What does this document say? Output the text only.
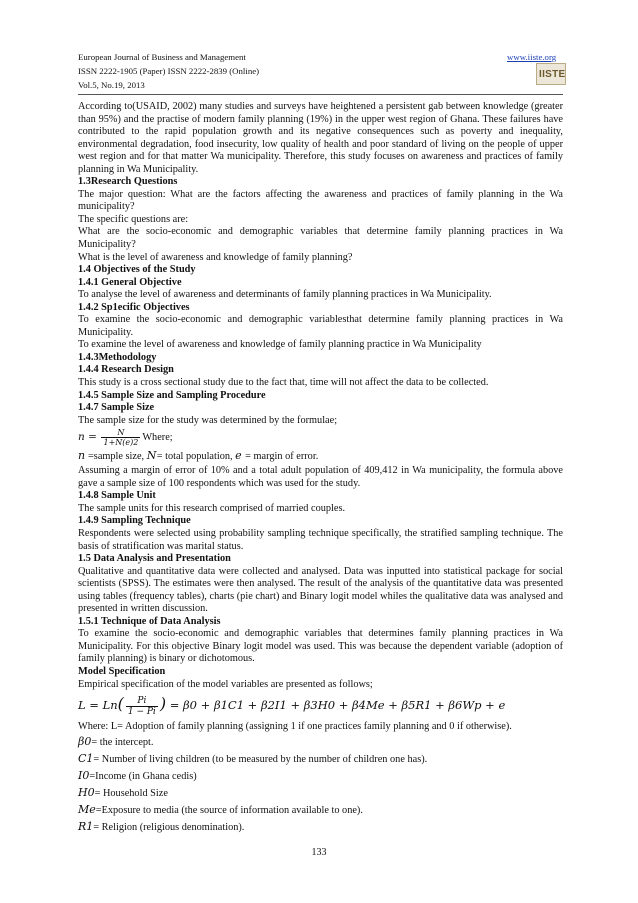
European Journal of Business and Management
ISSN 2222-1905 (Paper) ISSN 2222-2839 (Online)
Vol.5, No.19, 2013
www.iiste.org
IISTE

According to(USAID, 2002) many studies and surveys have heightened a persistent gab between knowledge (greater than 95%) and the practise of modern family planning (19%) in the upper west region of Ghana. These failures have contributed to the rapid population growth and its negative consequences such as poverty and inequality, environmental degradation, food insecurity, low quality of health and poor standard of living on the people of upper west region and for that matter Wa municipality. Therefore, this study focuses on awareness and practices of family planning in Wa Municipality.

1.3Research Questions

The major question: What are the factors affecting the awareness and practices of family planning in the Wa municipality?

The specific questions are:

What are the socio-economic and demographic variables that determine family planning practices in Wa Municipality?

What is the level of awareness and knowledge of family planning?

1.4 Objectives of the Study

1.4.1 General Objective

To analyse the level of awareness and determinants of family planning practices in Wa Municipality.

1.4.2 Sp1ecific Objectives

To examine the socio-economic and demographic variablesthat determine family planning practices in Wa Municipality.

To examine the level of awareness and knowledge of family planning practice in Wa Municipality

1.4.3Methodology

1.4.4 Research Design

This study is a cross sectional study due to the fact that, time will not affect the data to be collected.

1.4.5 Sample Size and Sampling Procedure

1.4.7 Sample Size

The sample size for the study was determined by the formulae;

$n = \frac{N}{1+N(e)2}$ Where;

n =sample size, N= total population, e = margin of error.

Assuming a margin of error of 10% and a total adult population of 409,412 in Wa municipality, the formula above gave a sample size of 100 respondents which was used for the study.

1.4.8 Sample Unit

The sample units for this research comprised of married couples.

1.4.9 Sampling Technique

Respondents were selected using probability sampling technique specifically, the stratified sampling technique. The basis of stratification was marital status.

1.5 Data Analysis and Presentation

Qualitative and quantitative data were collected and analysed. Data was inputted into statistical package for social scientists (SPSS). The estimates were then analysed. The result of the analysis of the quantitative data was presented using tables (frequency tables), charts (pie chart) and Binary logit model whiles the qualitative data was analysed and presented in written discussion.

1.5.1 Technique of Data Analysis

To examine the socio-economic and demographic variables that determines family planning practices in Wa Municipality. For this objective Binary logit model was used. This was because the dependent variable (adoption of family planning) is binary or dichotomous.

Model Specification

Empirical specification of the model variables are presented as follows;

$L = Ln( \frac{Pi}{1 - Pi}$ ) = β0 + β1C1 + β2I1 + β3H0 + β4Me + β5R1 + β6Wp + e

Where: L= Adoption of family planning (assigning 1 if one practices family planning and 0 if otherwise).

β0= the intercept.

C1= Number of living children (to be measured by the number of children one has).

I0=Income (in Ghana cedis)

H0= Household Size

Me=Exposure to media (the source of information available to one).

R1= Religion (religious denomination).

133
